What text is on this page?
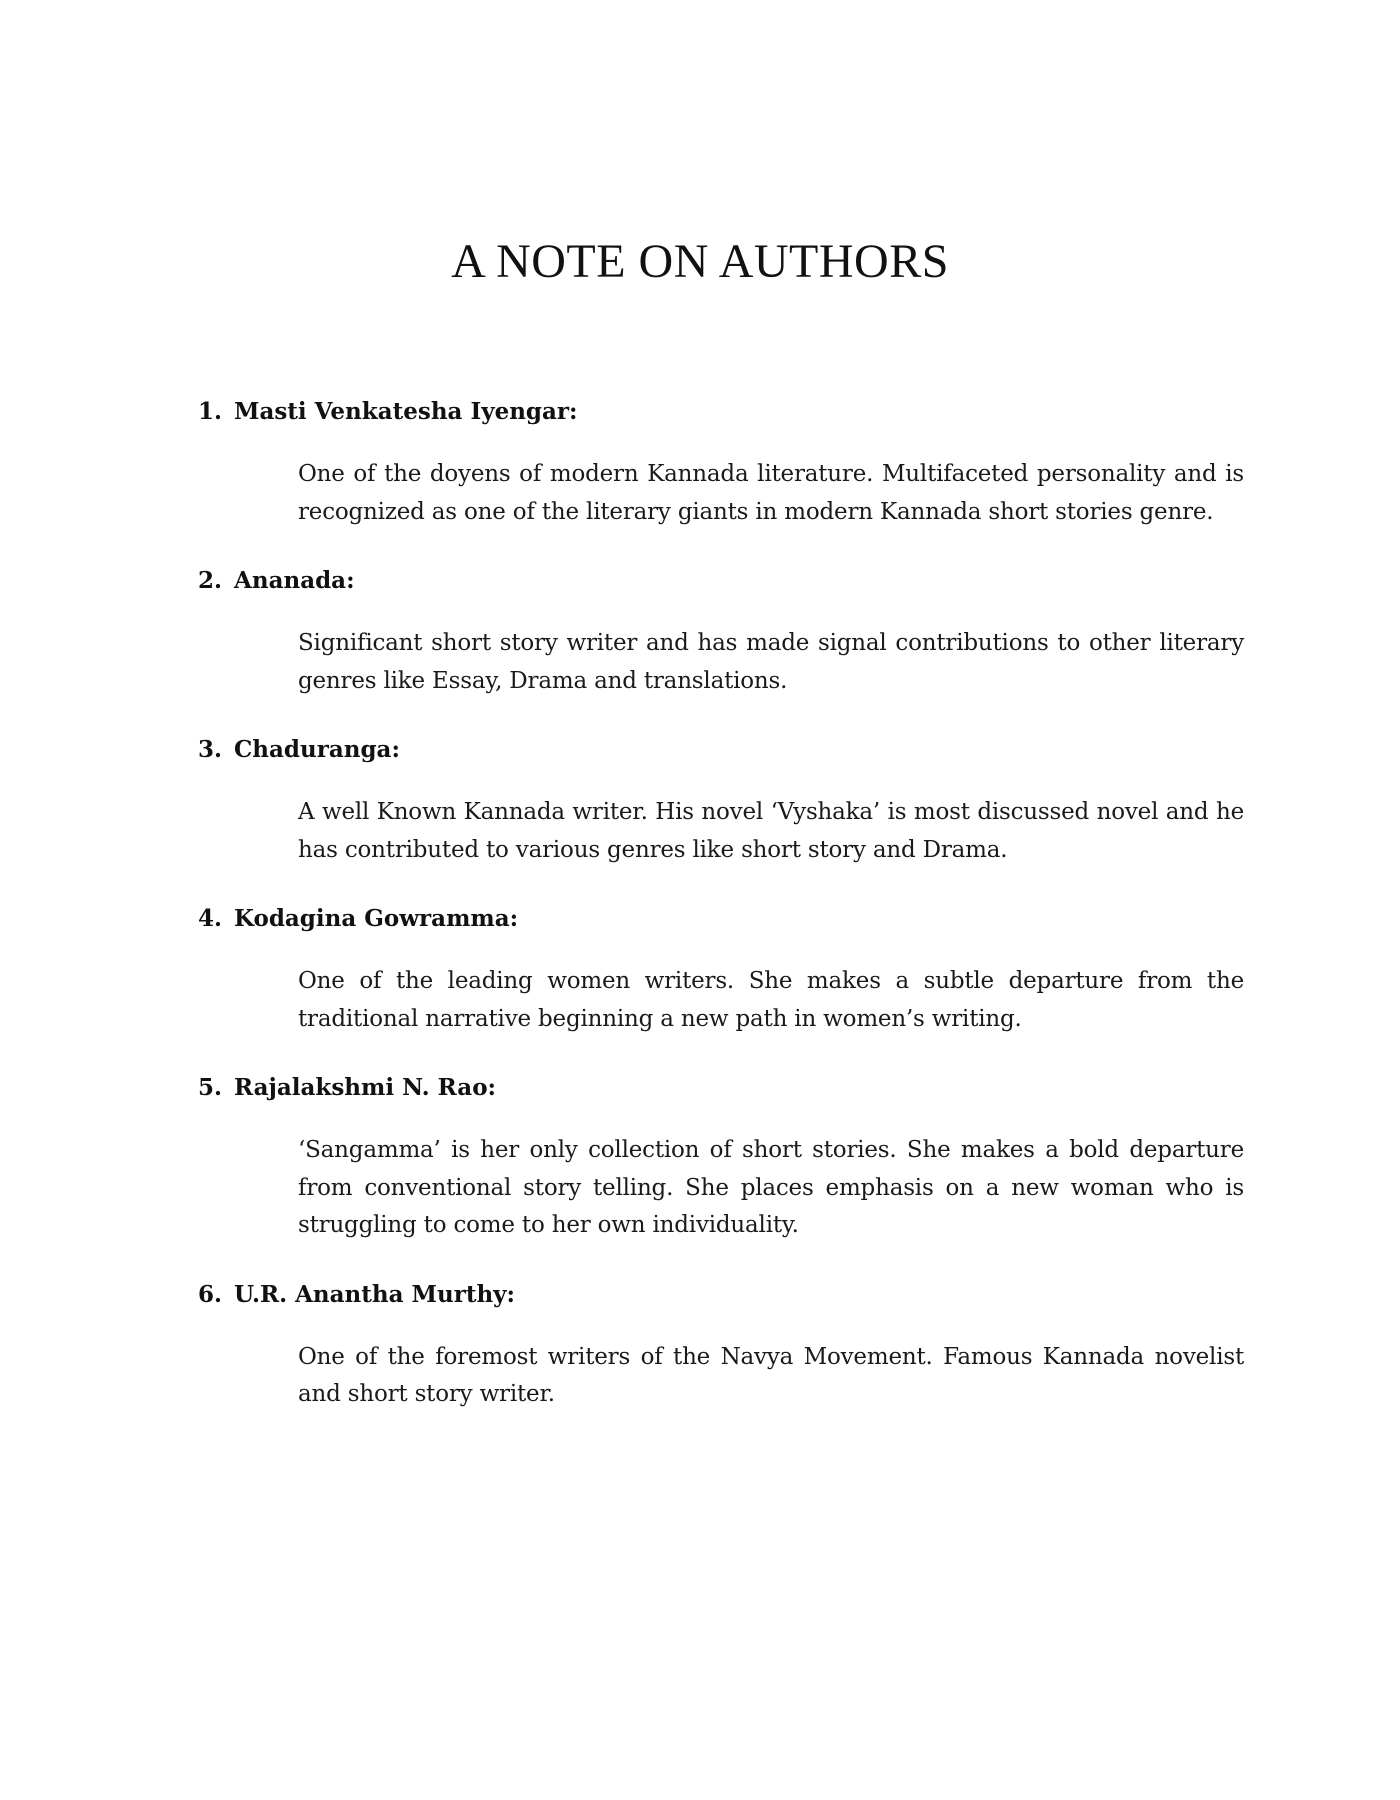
A NOTE ON AUTHORS
1. Masti Venkatesha Iyengar:

One of the doyens of modern Kannada literature. Multifaceted personality and is recognized as one of the literary giants in modern Kannada short stories genre.

2. Ananada:

Significant short story writer and has made signal contributions to other literary genres like Essay, Drama and translations.

3. Chaduranga:

A well Known Kannada writer. His novel ‘Vyshaka’ is most discussed novel and he has contributed to various genres like short story and Drama.

4. Kodagina Gowramma:

One of the leading women writers. She makes a subtle departure from the traditional narrative beginning a new path in women’s writing.

5. Rajalakshmi N. Rao:

‘Sangamma’ is her only collection of short stories. She makes a bold departure from conventional story telling. She places emphasis on a new woman who is struggling to come to her own individuality.

6. U.R. Anantha Murthy:

One of the foremost writers of the Navya Movement. Famous Kannada novelist and short story writer.
